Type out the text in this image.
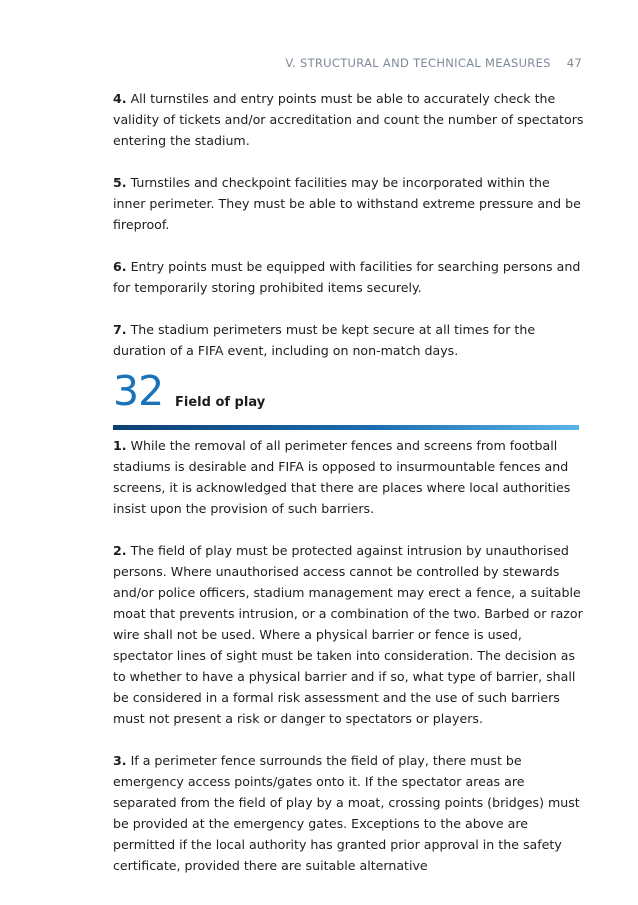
V. STRUCTURAL AND TECHNICAL MEASURES 47

4. All turnstiles and entry points must be able to accurately check the validity of tickets and/or accreditation and count the number of spectators entering the stadium.

5. Turnstiles and checkpoint facilities may be incorporated within the inner perimeter. They must be able to withstand extreme pressure and be fireproof.

6. Entry points must be equipped with facilities for searching persons and for temporarily storing prohibited items securely.

7. The stadium perimeters must be kept secure at all times for the duration of a FIFA event, including on non-match days.

32 Field of play

1. While the removal of all perimeter fences and screens from football stadiums is desirable and FIFA is opposed to insurmountable fences and screens, it is acknowledged that there are places where local authorities insist upon the provision of such barriers.

2. The field of play must be protected against intrusion by unauthorised persons. Where unauthorised access cannot be controlled by stewards and/or police officers, stadium management may erect a fence, a suitable moat that prevents intrusion, or a combination of the two. Barbed or razor wire shall not be used. Where a physical barrier or fence is used, spectator lines of sight must be taken into consideration. The decision as to whether to have a physical barrier and if so, what type of barrier, shall be considered in a formal risk assessment and the use of such barriers must not present a risk or danger to spectators or players.

3. If a perimeter fence surrounds the field of play, there must be emergency access points/gates onto it. If the spectator areas are separated from the field of play by a moat, crossing points (bridges) must be provided at the emergency gates. Exceptions to the above are permitted if the local authority has granted prior approval in the safety certificate, provided there are suitable alternative
